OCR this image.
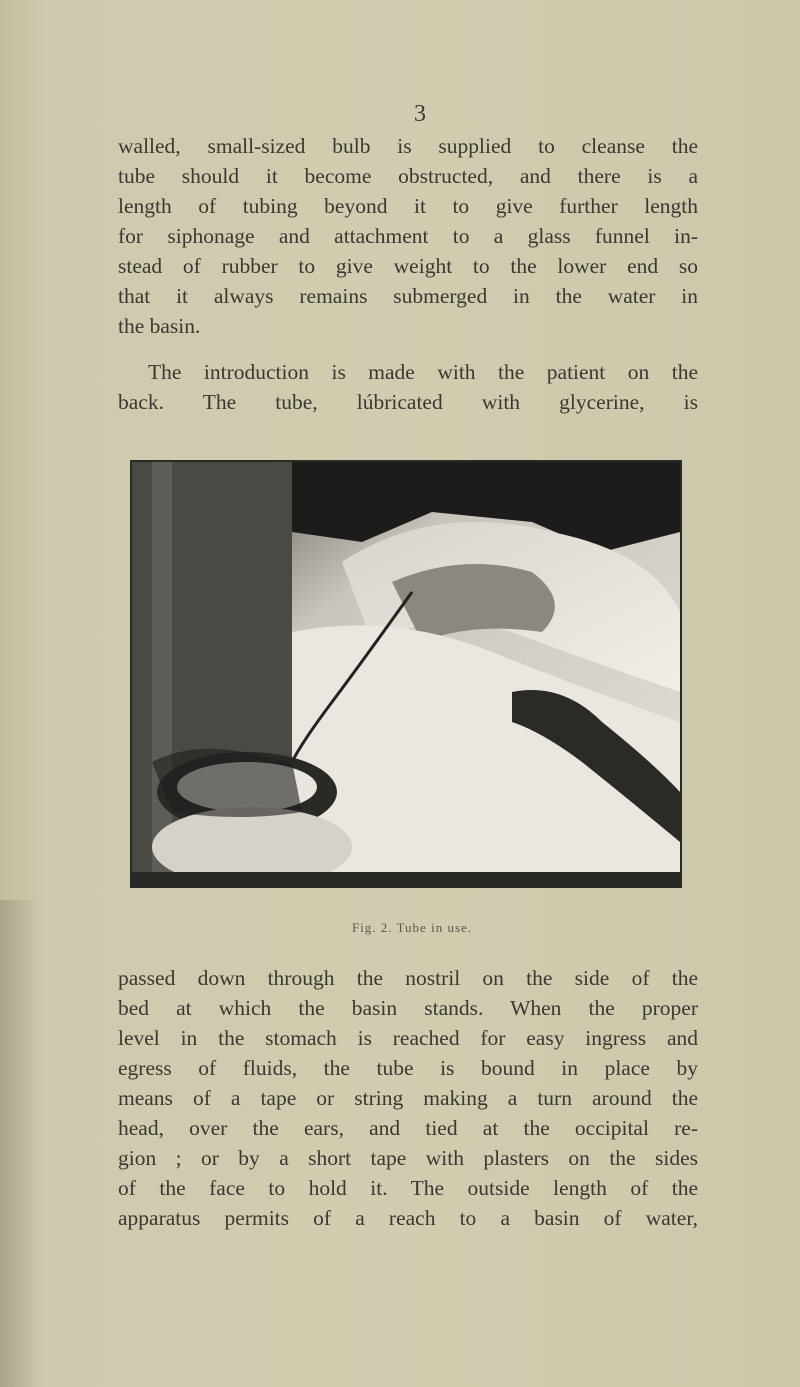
3
walled, small-sized bulb is supplied to cleanse the
tube should it become obstructed, and there is a
length of tubing beyond it to give further length
for siphonage and attachment to a glass funnel in-
stead of rubber to give weight to the lower end so
that it always remains submerged in the water in
the basin.
The introduction is made with the patient on the
back. The tube, lúbricated with glycerine, is
Fig. 2. Tube in use.
passed down through the nostril on the side of the
bed at which the basin stands. When the proper
level in the stomach is reached for easy ingress and
egress of fluids, the tube is bound in place by
means of a tape or string making a turn around the
head, over the ears, and tied at the occipital re-
gion ; or by a short tape with plasters on the sides
of the face to hold it. The outside length of the
apparatus permits of a reach to a basin of water,
